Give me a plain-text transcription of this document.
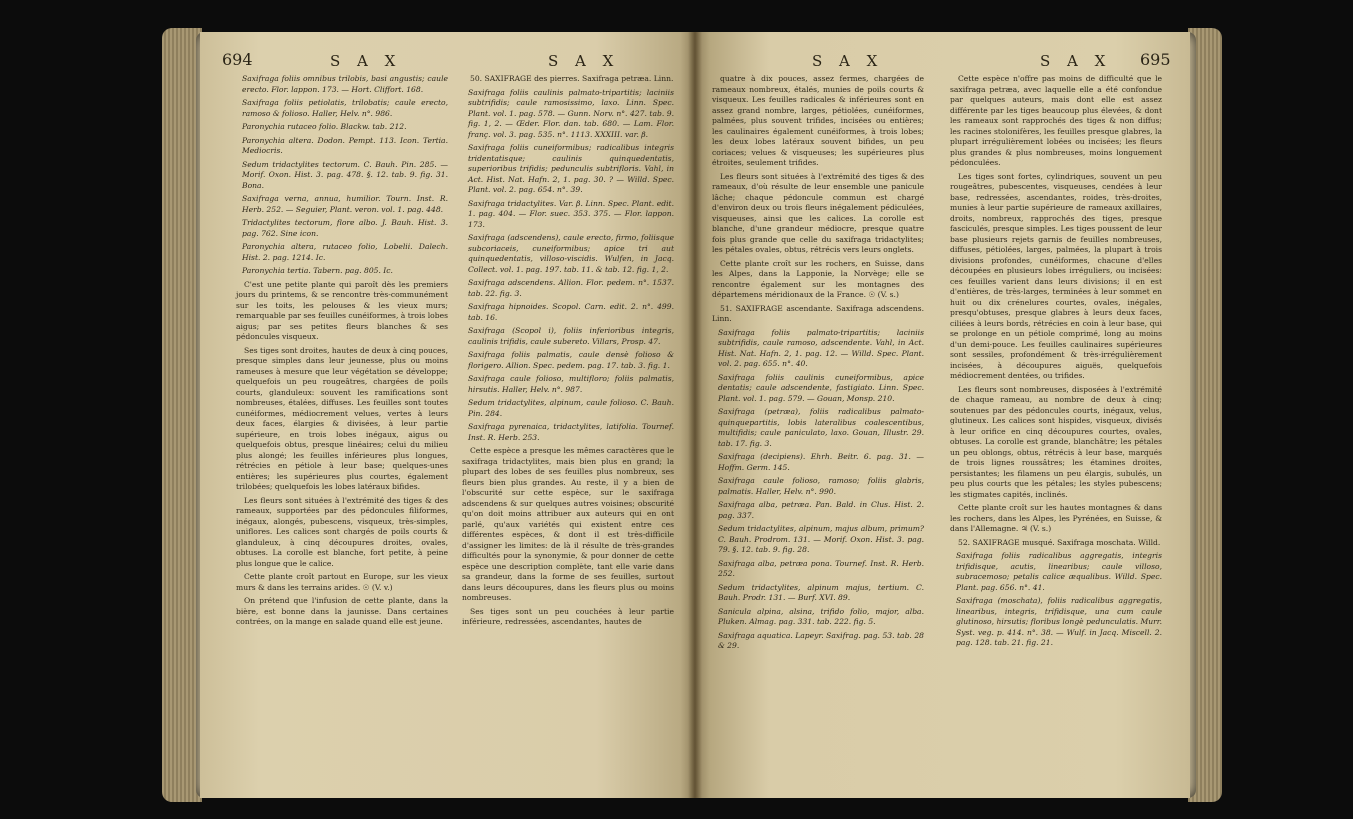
694	S A X	S A X	S A X	S A X 695

Saxifraga foliis omnibus trilobis, basi angustis; caule erecto. Flor. lappon. 173. — Hort. Cliffort. 168.

Saxifraga foliis petiolatis, trilobatis; caule erecto, ramoso & folioso. Haller, Helv. n°. 986.

Paronychia rutaceo folio. Blackw. tab. 212.

Paronychia altera. Dodon. Pempt. 113. Icon. Tertia. Mediocris.

Sedum tridactylites tectorum. C. Bauh. Pin. 285. — Morif. Oxon. Hist. 3. pag. 478. §. 12. tab. 9. fig. 31. Bona.

Saxifraga verna, annua, humilior. Tourn. Inst. R. Herb. 252. — Seguier, Plant. veron. vol. 1. pag. 448.

Tridactylites tectorum, flore albo. J. Bauh. Hist. 3. pag. 762. Sine icon.

Paronychia altera, rutaceo folio, Lobelii. Dalech. Hist. 2. pag. 1214. Ic.

Paronychia tertia. Tabern. pag. 805. Ic.

C'est une petite plante qui paroît dès les premiers jours du printems, & se rencontre très-communément sur les toits, les pelouses & les vieux murs; remarquable par ses feuilles cunéiformes, à trois lobes aigus; par ses petites fleurs blanches & ses pédoncules visqueux.

Ses tiges sont droites, hautes de deux à cinq pouces, presque simples dans leur jeunesse, plus ou moins rameuses à mesure que leur végétation se développe; quelquefois un peu rougeâtres, chargées de poils courts, glanduleux: souvent les ramifications sont nombreuses, étalées, diffuses. Les feuilles sont toutes cunéiformes, médiocrement velues, vertes à leurs deux faces, élargies & divisées, à leur partie supérieure, en trois lobes inégaux, aigus ou quelquefois obtus, presque linéaires; celui du milieu plus alongé; les feuilles inférieures plus longues, rétrécies en pétiole à leur base; quelques-unes entières; les supérieures plus courtes, également trilobées; quelquefois les lobes latéraux bifides.

Les fleurs sont situées à l'extrémité des tiges & des rameaux, supportées par des pédoncules filiformes, inégaux, alongés, pubescens, visqueux, très-simples, uniflores. Les calices sont chargés de poils courts & glanduleux, à cinq découpures droites, ovales, obtuses. La corolle est blanche, fort petite, à peine plus longue que le calice.

Cette plante croît partout en Europe, sur les vieux murs & dans les terrains arides. ☉ (V. v.)

On prétend que l'infusion de cette plante, dans la bière, est bonne dans la jaunisse. Dans certaines contrées, on la mange en salade quand elle est jeune.

50. SAXIFRAGE des pierres. Saxifraga petræa. Linn.

Saxifraga foliis caulinis palmato-tripartitis; laciniis subtrifidis; caule ramosissimo, laxo. Linn. Spec. Plant. vol. 1. pag. 578. — Gunn. Norv. n°. 427. tab. 9. fig. 1, 2. — Œder. Flor. dan. tab. 680. — Lam. Flor. franç. vol. 3. pag. 535. n°. 1113. XXXIII. var. β.

Saxifraga foliis cuneiformibus; radicalibus integris tridentatisque; caulinis quinquedentatis, superioribus trifidis; pedunculis subtrifloris. Vahl, in Act. Hist. Nat. Hafn. 2, 1. pag. 30. ? — Willd. Spec. Plant. vol. 2. pag. 654. n°. 39.

Saxifraga tridactylites. Var. β. Linn. Spec. Plant. edit. 1. pag. 404. — Flor. suec. 353. 375. — Flor. lappon. 173.

Saxifraga (adscendens), caule erecto, firmo, foliisque subcoriaceis, cuneiformibus; apice tri aut quinquedentatis, villoso-viscidis. Wulfen, in Jacq. Collect. vol. 1. pag. 197. tab. 11. & tab. 12. fig. 1, 2.

Saxifraga adscendens. Allion. Flor. pedem. n°. 1537. tab. 22. fig. 3.

Saxifraga hipnoides. Scopol. Carn. edit. 2. n°. 499. tab. 16.

Saxifraga (Scopol i), foliis inferioribus integris, caulinis trifidis, caule subereto. Villars, Prosp. 47.

Saxifraga foliis palmatis, caule densè folioso & florigero. Allion. Spec. pedem. pag. 17. tab. 3. fig. 1.

Saxifraga caule folioso, multifloro; foliis palmatis, hirsutis. Haller, Helv. n°. 987.

Sedum tridactylites, alpinum, caule folioso. C. Bauh. Pin. 284.

Saxifraga pyrenaica, tridactylites, latifolia. Tournef. Inst. R. Herb. 253.

Cette espèce a presque les mêmes caractères que le saxifraga tridactylites, mais bien plus en grand; la plupart des lobes de ses feuilles plus nombreux, ses fleurs bien plus grandes. Au reste, il y a bien de l'obscurité sur cette espèce, sur le saxifraga adscendens & sur quelques autres voisines; obscurité qu'on doit moins attribuer aux auteurs qui en ont parlé, qu'aux variétés qui existent entre ces différentes espèces, & dont il est très-difficile d'assigner les limites: de là il résulte de très-grandes difficultés pour la synonymie, & pour donner de cette espèce une description complète, tant elle varie dans sa grandeur, dans la forme de ses feuilles, surtout dans leurs découpures, dans les fleurs plus ou moins nombreuses.

Ses tiges sont un peu couchées à leur partie inférieure, redressées, ascendantes, hautes de

quatre à dix pouces, assez fermes, chargées de rameaux nombreux, étalés, munies de poils courts & visqueux. Les feuilles radicales & inférieures sont en assez grand nombre, larges, pétiolées, cunéiformes, palmées, plus souvent trifides, incisées ou entières; les caulinaires également cunéiformes, à trois lobes; les deux lobes latéraux souvent bifides, un peu coriaces; velues & visqueuses; les supérieures plus étroites, seulement trifides.

Les fleurs sont situées à l'extrémité des tiges & des rameaux, d'où résulte de leur ensemble une panicule lâche; chaque pédoncule commun est chargé d'environ deux ou trois fleurs inégalement pédiculées, visqueuses, ainsi que les calices. La corolle est blanche, d'une grandeur médiocre, presque quatre fois plus grande que celle du saxifraga tridactylites; les pétales ovales, obtus, rétrécis vers leurs onglets.

Cette plante croît sur les rochers, en Suisse, dans les Alpes, dans la Lapponie, la Norvège; elle se rencontre également sur les montagnes des départemens méridionaux de la France. ☉ (V. s.)

51. SAXIFRAGE ascendante. Saxifraga adscendens. Linn.

Saxifraga foliis palmato-tripartitis; laciniis subtrifidis, caule ramoso, adscendente. Vahl, in Act. Hist. Nat. Hafn. 2, 1. pag. 12. — Willd. Spec. Plant. vol. 2. pag. 655. n°. 40.

Saxifraga foliis caulinis cuneiformibus, apice dentatis; caule adscendente, fastigiato. Linn. Spec. Plant. vol. 1. pag. 579. — Gouan, Monsp. 210.

Saxifraga (petræa), foliis radicalibus palmato-quinquepartitis, lobis lateralibus coalescentibus, multifidis; caule paniculato, laxo. Gouan, Illustr. 29. tab. 17. fig. 3.

Saxifraga (decipiens). Ehrh. Beitr. 6. pag. 31. — Hoffm. Germ. 145.

Saxifraga caule folioso, ramoso; foliis glabris, palmatis. Haller, Helv. n°. 990.

Saxifraga alba, petræa. Pan. Bald. in Clus. Hist. 2. pag. 337.

Sedum tridactylites, alpinum, majus album, primum? C. Bauh. Prodrom. 131. — Morif. Oxon. Hist. 3. pag. 79. §. 12. tab. 9. fig. 28.

Saxifraga alba, petræa pona. Tournef. Inst. R. Herb. 252.

Sedum tridactylites, alpinum majus, tertium. C. Bauh. Prodr. 131. — Burf. XVI. 89.

Sanicula alpina, alsina, trifido folio, major, alba. Pluken. Almag. pag. 331. tab. 222. fig. 5.

Saxifraga aquatica. Lapeyr. Saxifrag. pag. 53. tab. 28 & 29.

Cette espèce n'offre pas moins de difficulté que le saxifraga petræa, avec laquelle elle a été confondue par quelques auteurs, mais dont elle est assez différente par les tiges beaucoup plus élevées, & dont les rameaux sont rapprochés des tiges & non diffus; les racines stolonifères, les feuilles presque glabres, la plupart irrégulièrement lobées ou incisées; les fleurs plus grandes & plus nombreuses, moins longuement pédonculées.

Les tiges sont fortes, cylindriques, souvent un peu rougeâtres, pubescentes, visqueuses, cendées à leur base, redressées, ascendantes, roides, très-droites, munies à leur partie supérieure de rameaux axillaires, droits, nombreux, rapprochés des tiges, presque fasciculés, presque simples. Les tiges poussent de leur base plusieurs rejets garnis de feuilles nombreuses, diffuses, pétiolées, larges, palmées, la plupart à trois divisions profondes, cunéiformes, chacune d'elles découpées en plusieurs lobes irréguliers, ou incisées: ces feuilles varient dans leurs divisions; il en est d'entières, de très-larges, terminées à leur sommet en huit ou dix crénelures courtes, ovales, inégales, presqu'obtuses, presque glabres à leurs deux faces, ciliées à leurs bords, rétrécies en coin à leur base, qui se prolonge en un pétiole comprimé, long au moins d'un demi-pouce. Les feuilles caulinaires supérieures sont sessiles, profondément & très-irrégulièrement incisées, à découpures aiguës, quelquefois médiocrement dentées, ou trifides.

Les fleurs sont nombreuses, disposées à l'extrémité de chaque rameau, au nombre de deux à cinq; soutenues par des pédoncules courts, inégaux, velus, glutineux. Les calices sont hispides, visqueux, divisés à leur orifice en cinq découpures courtes, ovales, obtuses. La corolle est grande, blanchâtre; les pétales un peu oblongs, obtus, rétrécis à leur base, marqués de trois lignes roussâtres; les étamines droites, persistantes; les filamens un peu élargis, subulés, un peu plus courts que les pétales; les styles pubescens; les stigmates capités, inclinés.

Cette plante croît sur les hautes montagnes & dans les rochers, dans les Alpes, les Pyrénées, en Suisse, & dans l'Allemagne. ♃ (V. s.)

52. SAXIFRAGE musqué. Saxifraga moschata. Willd.

Saxifraga foliis radicalibus aggregatis, integris trifidisque, acutis, linearibus; caule villoso, subracemoso; petalis calice æqualibus. Willd. Spec. Plant. pag. 656. n°. 41.

Saxifraga (moschata), foliis radicalibus aggregatis, linearibus, integris, trifidisque, una cum caule glutinoso, hirsutis; floribus longè pedunculatis. Murr. Syst. veg. p. 414. n°. 38. — Wulf. in Jacq. Miscell. 2. pag. 128. tab. 21. fig. 21.
